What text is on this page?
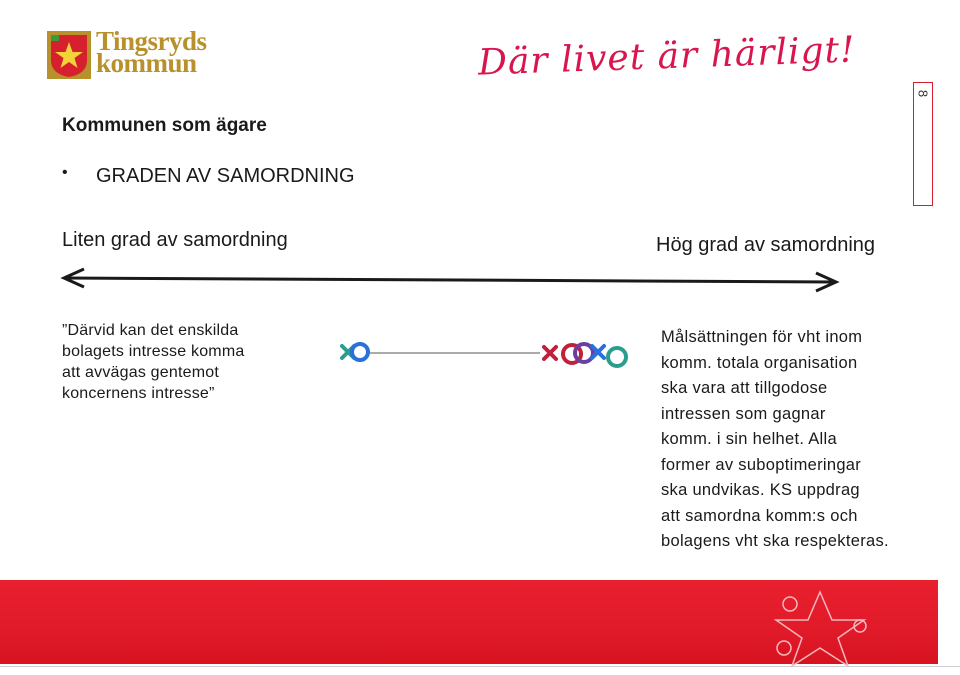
Tingsryds
kommun	Där livet är härligt!
8
Kommunen som ägare
• GRADEN AV SAMORDNING
Liten grad av samordning	Hög grad av samordning
”Därvid kan det enskilda
bolagets intresse komma
att avvägas gentemot
koncernens intresse”
Målsättningen för vht inom
komm. totala organisation
ska vara att tillgodose
intressen som gagnar
komm. i sin helhet. Alla
former av suboptimeringar
ska undvikas. KS uppdrag
att samordna komm:s och
bolagens vht ska respekteras.
